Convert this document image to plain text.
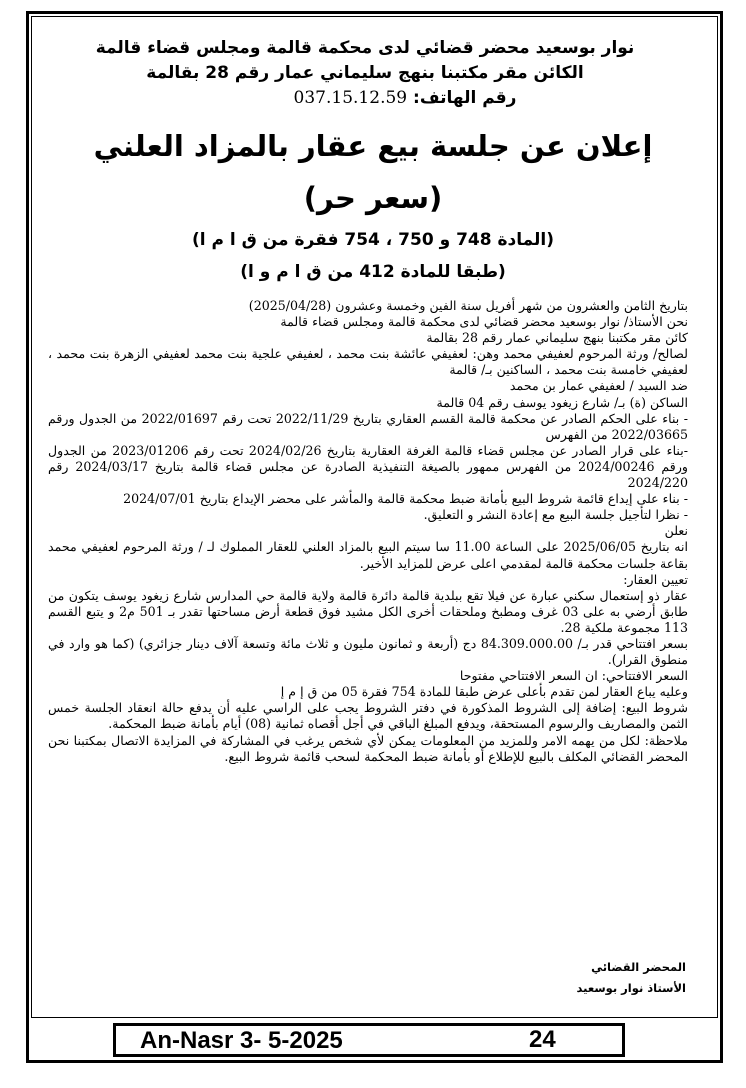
نوار بوسعيد محضر قضائي لدى محكمة قالمة ومجلس قضاء قالمة
الكائن مقر مكتبنا بنهج سليماني عمار رقم 28 بقالمة
رقم الهاتف: 037.15.12.59
إعلان عن جلسة بيع عقار بالمزاد العلني
(سعر حر)
(المادة 748 و 750 ، 754 فقرة من ق ا م ا)
(طبقا للمادة 412 من ق ا م و ا)

بتاريخ الثامن والعشرون من شهر أفريل سنة الفين وخمسة وعشرون (2025/04/28)

نحن الأستاذ/ نوار بوسعيد محضر قضائي لدى محكمة قالمة ومجلس قضاء قالمة

كائن مقر مكتبنا بنهج سليماني عمار رقم 28 بقالمة

لصالح/ ورثة المرحوم لعفيفي محمد وهن: لعفيفي عائشة بنت محمد ، لعفيفي علجية بنت محمد لعفيفي الزهرة بنت محمد ، لعفيفي خامسة بنت محمد ، الساكنين بـ/ قالمة

ضد السيد / لعفيفي عمار بن محمد

الساكن (ة) بـ/ شارع زيغود يوسف رقم 04 قالمة

- بناء على الحكم الصادر عن محكمة قالمة القسم العقاري بتاريخ 2022/11/29 تحت رقم 2022/01697 من الجدول ورقم 2022/03665 من الفهرس

-بناء على قرار الصادر عن مجلس قضاء قالمة الغرفة العقارية بتاريخ 2024/02/26 تحت رقم 2023/01206 من الجدول ورقم 2024/00246 من الفهرس ممهور بالصيغة التنفيذية الصادرة عن مجلس قضاء قالمة بتاريخ 2024/03/17 رقم 2024/220

- بناء على إيداع قائمة شروط البيع بأمانة ضبط محكمة قالمة والمأشر على محضر الإيداع بتاريخ 2024/07/01

- نظرا لتأجيل جلسة البيع مع إعادة النشر و التعليق.

نعلن

انه بتاريخ 2025/06/05 على الساعة 11.00 سا سيتم البيع بالمزاد العلني للعقار المملوك لـ / ورثة المرحوم لعفيفي محمد بقاعة جلسات محكمة قالمة لمقدمي اعلى عرض للمزايد الأخير.

تعيين العقار:

عقار ذو إستعمال سكني عبارة عن فيلا تقع ببلدية قالمة دائرة قالمة ولاية قالمة حي المدارس شارع زيغود يوسف يتكون من طابق أرضي به على 03 غرف ومطبخ وملحقات أخرى الكل مشيد فوق قطعة أرض مساحتها تقدر بـ 501 م2 و يتبع القسم 113 مجموعة ملكية 28.

بسعر افتتاحي قدر بـ/ 84.309.000.00 دج (أربعة و ثمانون مليون و ثلاث مائة وتسعة آلاف دينار جزائري) (كما هو وارد في منطوق القرار).

السعر الافتتاحي: ان السعر الافتتاحي مفتوحا

وعليه يباع العقار لمن تقدم بأعلى عرض طبقا للمادة 754 فقرة 05 من ق إ م إ

شروط البيع: إضافة إلى الشروط المذكورة في دفتر الشروط يجب على الراسي عليه أن يدفع حالة انعقاد الجلسة خمس الثمن والمصاريف والرسوم المستحقة، ويدفع المبلغ الباقي في أجل أقصاه ثمانية (08) أيام بأمانة ضبط المحكمة.

ملاحظة: لكل من يهمه الامر وللمزيد من المعلومات يمكن لأي شخص يرغب في المشاركة في المزايدة الاتصال بمكتبنا نحن المحضر القضائي المكلف بالبيع للإطلاع أو بأمانة ضبط المحكمة لسحب قائمة شروط البيع.

المحضر القضائي
الأستاذ نوار بوسعيد
An-Nasr 3- 5-2025	24
